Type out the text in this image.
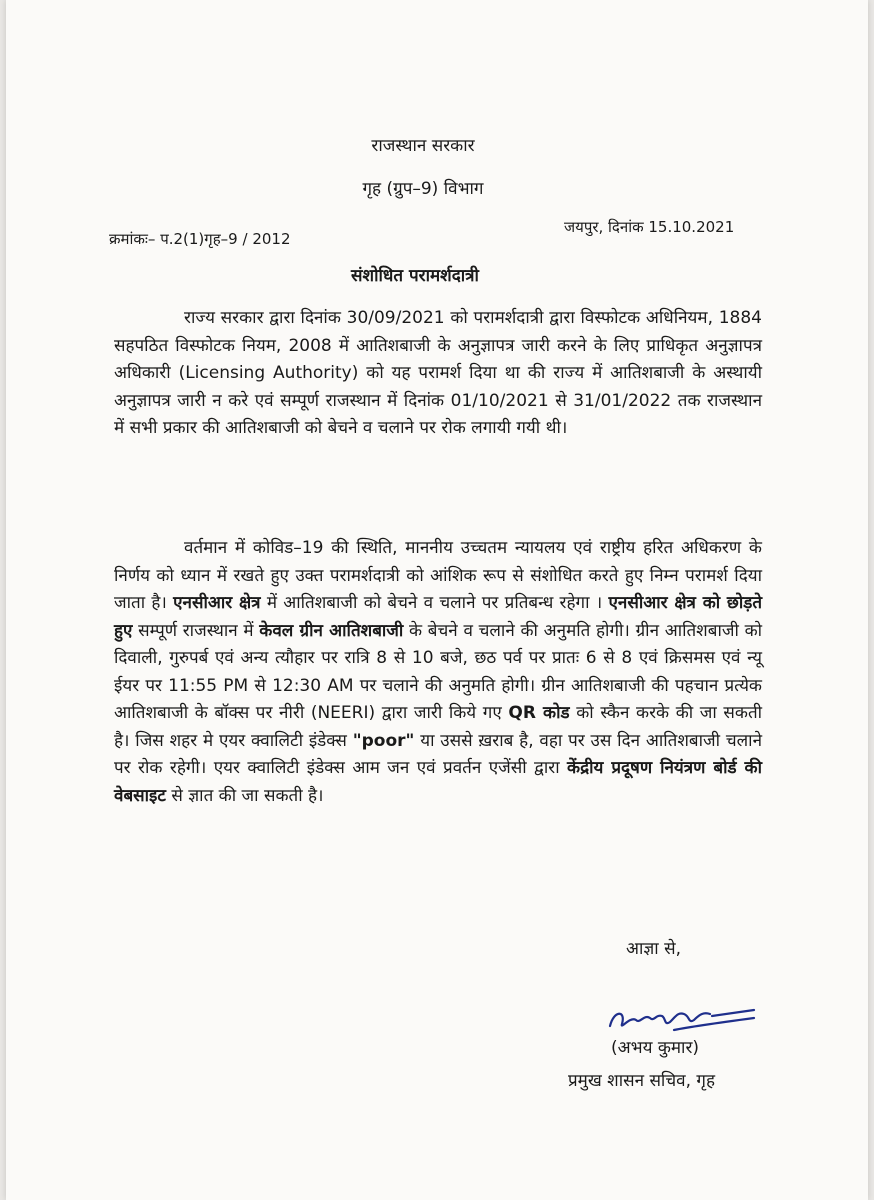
राजस्थान सरकार
गृह (ग्रुप–9) विभाग
क्रमांकः– प.2(1)गृह–9 / 2012
जयपुर, दिनांक 15.10.2021
संशोधित परामर्शदात्री

राज्य सरकार द्वारा दिनांक 30/09/2021 को परामर्शदात्री द्वारा विस्फोटक अधिनियम, 1884 सहपठित विस्फोटक नियम, 2008 में आतिशबाजी के अनुज्ञापत्र जारी करने के लिए प्राधिकृत अनुज्ञापत्र अधिकारी (Licensing Authority) को यह परामर्श दिया था की राज्य में आतिशबाजी के अस्थायी अनुज्ञापत्र जारी न करे एवं सम्पूर्ण राजस्थान में दिनांक 01/10/2021 से 31/01/2022 तक राजस्थान में सभी प्रकार की आतिशबाजी को बेचने व चलाने पर रोक लगायी गयी थी।

वर्तमान में कोविड–19 की स्थिति, माननीय उच्चतम न्यायलय एवं राष्ट्रीय हरित अधिकरण के निर्णय को ध्यान में रखते हुए उक्त परामर्शदात्री को आंशिक रूप से संशोधित करते हुए निम्न परामर्श दिया जाता है। एनसीआर क्षेत्र में आतिशबाजी को बेचने व चलाने पर प्रतिबन्ध रहेगा । एनसीआर क्षेत्र को छोड़ते हुए सम्पूर्ण राजस्थान में केवल ग्रीन आतिशबाजी के बेचने व चलाने की अनुमति होगी। ग्रीन आतिशबाजी को दिवाली, गुरुपर्ब एवं अन्य त्यौहार पर रात्रि 8 से 10 बजे, छठ पर्व पर प्रातः 6 से 8 एवं क्रिसमस एवं न्यू ईयर पर 11:55 PM से 12:30 AM पर चलाने की अनुमति होगी। ग्रीन आतिशबाजी की पहचान प्रत्येक आतिशबाजी के बॉक्स पर नीरी (NEERI) द्वारा जारी किये गए QR कोड को स्कैन करके की जा सकती है। जिस शहर मे एयर क्वालिटी इंडेक्स "poor" या उससे ख़राब है, वहा पर उस दिन आतिशबाजी चलाने पर रोक रहेगी। एयर क्वालिटी इंडेक्स आम जन एवं प्रवर्तन एजेंसी द्वारा केंद्रीय प्रदूषण नियंत्रण बोर्ड की वेबसाइट से ज्ञात की जा सकती है।

आज्ञा से,
(अभय कुमार)
प्रमुख शासन सचिव, गृह
